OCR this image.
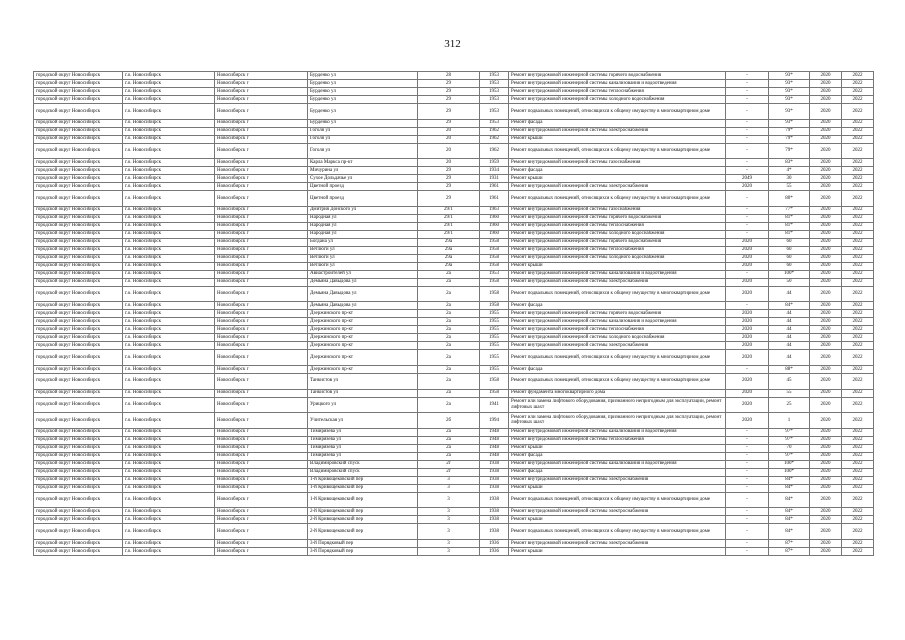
312
городской округ Новосибирск	г.о. Новосибирск	Новосибирск г	Бурденко ул	28	1953	Ремонт внутридомовой инженерной системы горячего водоснабжения	-	93*	2020	2022
городской округ Новосибирск	г.о. Новосибирск	Новосибирск г	Бурденко ул	29	1953	Ремонт внутридомовой инженерной системы канализования и водоотведения	-	93*	2020	2022
городской округ Новосибирск	г.о. Новосибирск	Новосибирск г	Бурденко ул	29	1953	Ремонт внутридомовой инженерной системы теплоснабжения	-	93*	2020	2022
городской округ Новосибирск	г.о. Новосибирск	Новосибирск г	Бурденко ул	29	1953	Ремонт внутридомовой инженерной системы холодного водоснабжения	-	93*	2020	2022
городской округ Новосибирск	г.о. Новосибирск	Новосибирск г	Бурденко ул	29	1953	Ремонт подвальных помещений, относящихся к общему имуществу в многоквартирном доме	-	93*	2020	2022
городской округ Новосибирск	г.о. Новосибирск	Новосибирск г	Бурденко ул	29	1953	Ремонт фасада	-	93*	2020	2022
городской округ Новосибирск	г.о. Новосибирск	Новосибирск г	Гоголя ул	20	1962	Ремонт внутридомовой инженерной системы электроснабжения	-	79*	2020	2022
городской округ Новосибирск	г.о. Новосибирск	Новосибирск г	Гоголя ул	20	1962	Ремонт крыши	-	79*	2020	2022
городской округ Новосибирск	г.о. Новосибирск	Новосибирск г	Гоголя ул	20	1962	Ремонт подвальных помещений, относящихся к общему имуществу в многоквартирном доме	-	79*	2020	2022
городской округ Новосибирск	г.о. Новосибирск	Новосибирск г	Карла Маркса пр-кт	20	1959	Ремонт внутридомовой инженерной системы газоснабжения	-	83*	2020	2022
городской округ Новосибирск	г.о. Новосибирск	Новосибирск г	Мичурина ул	29	1934	Ремонт фасада	-	4*	2020	2022
городской округ Новосибирск	г.о. Новосибирск	Новосибирск г	Сухое Дольдачье ул	29	1931	Ремонт крыши	2049	30	2020	2022
городской округ Новосибирск	г.о. Новосибирск	Новосибирск г	Цветной проезд	29	1961	Ремонт внутридомовой инженерной системы электроснабжения	2020	55	2020	2022
городской округ Новосибирск	г.о. Новосибирск	Новосибирск г	Цветной проезд	29	1961	Ремонт подвальных помещений, относящихся к общему имуществу в многоквартирном доме	-	80*	2020	2022
городской округ Новосибирск	г.о. Новосибирск	Новосибирск г	Дмитрия Донского ул	29/1	1963	Ремонт внутридомовой инженерной системы газоснабжения	-	77*	2020	2022
городской округ Новосибирск	г.о. Новосибирск	Новосибирск г	Народная ул	29/1	1960	Ремонт внутридомовой инженерной системы горячего водоснабжения	-	81*	2020	2022
городской округ Новосибирск	г.о. Новосибирск	Новосибирск г	Народная ул	29/1	1960	Ремонт внутридомовой инженерной системы теплоснабжения	-	81*	2020	2022
городской округ Новосибирск	г.о. Новосибирск	Новосибирск г	Народная ул	29/1	1960	Ремонт внутридомовой инженерной системы холодного водоснабжения	-	81*	2020	2022
городской округ Новосибирск	г.о. Новосибирск	Новосибирск г	Богдана ул	29а	1958	Ремонт внутридомовой инженерной системы горячего водоснабжения	2020	60	2020	2022
городской округ Новосибирск	г.о. Новосибирск	Новосибирск г	Ветлюги ул	29а	1958	Ремонт внутридомовой инженерной системы теплоснабжения	2020	60	2020	2022
городской округ Новосибирск	г.о. Новосибирск	Новосибирск г	Ветлюги ул	29а	1958	Ремонт внутридомовой инженерной системы холодного водоснабжения	2020	60	2020	2022
городской округ Новосибирск	г.о. Новосибирск	Новосибирск г	Ветлюги ул	29а	1958	Ремонт крыши	2020	60	2020	2022
городской округ Новосибирск	г.о. Новосибирск	Новосибирск г	Авиастроителей ул	2а	1953	Ремонт внутридомовой инженерной системы канализования и водоотведения	-	100*	2020	2022
городской округ Новосибирск	г.о. Новосибирск	Новосибирск г	Демьяна Давыдова ул	2а	1958	Ремонт внутридомовой инженерной системы электроснабжения	2020	50	2020	2022
городской округ Новосибирск	г.о. Новосибирск	Новосибирск г	Демьяна Давыдова ул	2а	1958	Ремонт подвальных помещений, относящихся к общему имуществу в многоквартирном доме	2020	44	2020	2022
городской округ Новосибирск	г.о. Новосибирск	Новосибирск г	Демьяна Давыдова ул	2а	1958	Ремонт фасада	-	84*	2020	2022
городской округ Новосибирск	г.о. Новосибирск	Новосибирск г	Дзержинского пр-кт	2а	1955	Ремонт внутридомовой инженерной системы горячего водоснабжения	2020	44	2020	2022
городской округ Новосибирск	г.о. Новосибирск	Новосибирск г	Дзержинского пр-кт	2а	1955	Ремонт внутридомовой инженерной системы канализования и водоотведения	2020	44	2020	2022
городской округ Новосибирск	г.о. Новосибирск	Новосибирск г	Дзержинского пр-кт	2а	1955	Ремонт внутридомовой инженерной системы теплоснабжения	2020	44	2020	2022
городской округ Новосибирск	г.о. Новосибирск	Новосибирск г	Дзержинского пр-кт	2а	1955	Ремонт внутридомовой инженерной системы холодного водоснабжения	2020	44	2020	2022
городской округ Новосибирск	г.о. Новосибирск	Новосибирск г	Дзержинского пр-кт	2а	1955	Ремонт внутридомовой инженерной системы электроснабжения	2020	44	2020	2022
городской округ Новосибирск	г.о. Новосибирск	Новосибирск г	Дзержинского пр-кт	2а	1955	Ремонт подвальных помещений, относящихся к общему имуществу в многоквартирном доме	2020	44	2020	2022
городской округ Новосибирск	г.о. Новосибирск	Новосибирск г	Дзержинского пр-кт	2а	1955	Ремонт фасада	-	88*	2020	2022
городской округ Новосибирск	г.о. Новосибирск	Новосибирск г	Танкистов ул	2а	1958	Ремонт подвальных помещений, относящихся к общему имуществу в многоквартирном доме	2020	45	2020	2022
городской округ Новосибирск	г.о. Новосибирск	Новосибирск г	Танкистов ул	2а	1958	Ремонт фундамента многоквартирного дома	2020	55	2020	2022
городской округ Новосибирск	г.о. Новосибирск	Новосибирск г	Урицкого ул	2а	1941	Ремонт или замена лифтового оборудования, признанного непригодным для эксплуатации, ремонт лифтовых шахт	2020	25	2020	2022
городской округ Новосибирск	г.о. Новосибирск	Новосибирск г	Учительская ул	2б	1994	Ремонт или замена лифтового оборудования, признанного непригодным для эксплуатации, ремонт лифтовых шахт	2020	1	2020	2022
городской округ Новосибирск	г.о. Новосибирск	Новосибирск г	Тимирязева ул	2а	1948	Ремонт внутридомовой инженерной системы канализования и водоотведения	-	97*	2020	2022
городской округ Новосибирск	г.о. Новосибирск	Новосибирск г	Тимирязева ул	2а	1948	Ремонт внутридомовой инженерной системы теплоснабжения	-	97*	2020	2022
городской округ Новосибирск	г.о. Новосибирск	Новосибирск г	Тимирязева ул	2а	1948	Ремонт крыши	-	70	2020	2022
городской округ Новосибирск	г.о. Новосибирск	Новосибирск г	Тимирязева ул	2а	1948	Ремонт фасада	-	97*	2020	2022
городской округ Новосибирск	г.о. Новосибирск	Новосибирск г	Владимировский спуск	2г	1938	Ремонт внутридомовой инженерной системы канализования и водоотведения	-	100*	2020	2022
городской округ Новосибирск	г.о. Новосибирск	Новосибирск г	Владимировский спуск	2г	1938	Ремонт фасада	-	100*	2020	2022
городской округ Новосибирск	г.о. Новосибирск	Новосибирск г	1-й Кривощековский пер	3	1938	Ремонт внутридомовой инженерной системы электроснабжения	-	84*	2020	2022
городской округ Новосибирск	г.о. Новосибирск	Новосибирск г	1-й Кривощековский пер	3	1938	Ремонт крыши	-	84*	2020	2022
городской округ Новосибирск	г.о. Новосибирск	Новосибирск г	1-й Кривощековский пер	3	1938	Ремонт подвальных помещений, относящихся к общему имуществу в многоквартирном доме	-	84*	2020	2022
городской округ Новосибирск	г.о. Новосибирск	Новосибирск г	2-й Кривощековский пер	3	1938	Ремонт внутридомовой инженерной системы электроснабжения	-	84*	2020	2022
городской округ Новосибирск	г.о. Новосибирск	Новосибирск г	2-й Кривощековский пер	3	1938	Ремонт крыши	-	84*	2020	2022
городской округ Новосибирск	г.о. Новосибирск	Новосибирск г	2-й Кривощековский пер	3	1938	Ремонт подвальных помещений, относящихся к общему имуществу в многоквартирном доме	-	84*	2020	2022
городской округ Новосибирск	г.о. Новосибирск	Новосибирск г	3-й Порядковый пер	3	1936	Ремонт внутридомовой инженерной системы электроснабжения	-	87*	2020	2022
городской округ Новосибирск	г.о. Новосибирск	Новосибирск г	3-й Порядковый пер	3	1936	Ремонт крыши	-	87*	2020	2022
